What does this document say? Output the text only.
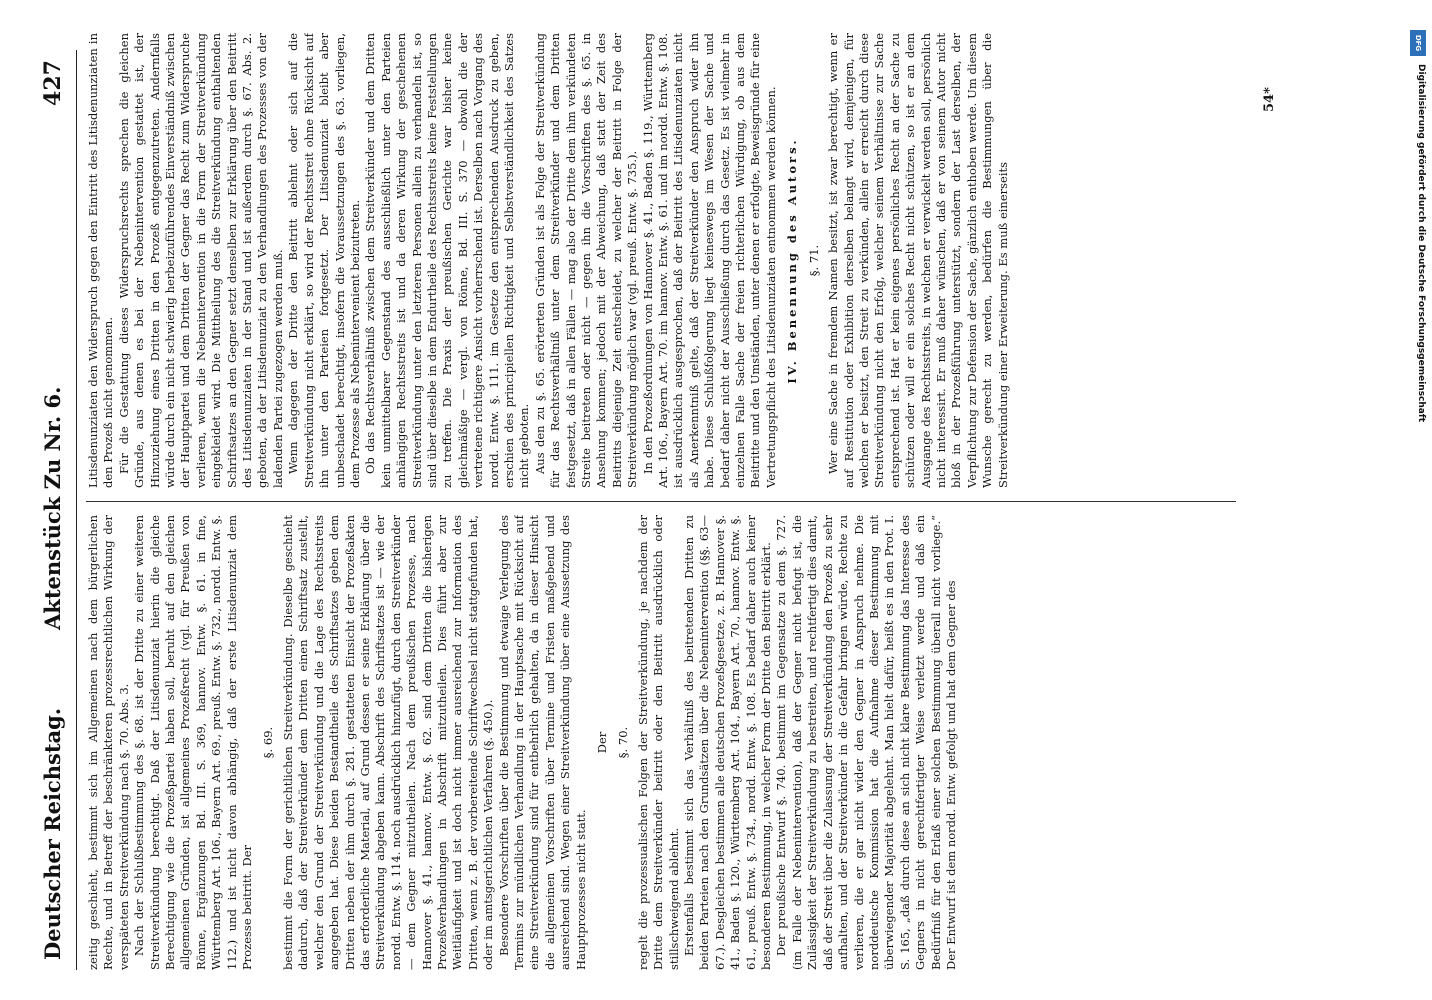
Deutscher Reichstag.
Aktenstück Zu Nr. 6.
427

zeitig geschieht, bestimmt sich im Allgemeinen nach dem bürgerlichen Rechte, und in Betreff der beschränkteren prozessrechtlichen Wirkung der verspäteten Streitverkündung nach §. 70. Abs. 3. Nach der Schlußbestimmung des §. 68. ist der Dritte zu einer weiteren Streitverkündung berechtigt. Daß der Litisdenunziat hierin die gleiche Berechtigung wie die Prozeßpartei haben soll, beruht auf den gleichen allgemeinen Gründen, ist allgemeines Prozeßrecht (vgl. für Preußen von Rönne, Ergänzungen Bd. III. S. 369, hannov. Entw. §. 61. in fine, Württemberg Art. 106., Bayern Art. 69., preuß. Entw. §. 732., nordd. Entw. §. 112.) und ist nicht davon abhängig, daß der erste Litisdenunziat dem Prozesse beitritt. Der

§. 69. bestimmt die Form der gerichtlichen Streitverkündung. Dieselbe geschieht dadurch, daß der Streitverkünder dem Dritten einen Schriftsatz zustellt, welcher den Grund der Streitverkündung und die Lage des Rechtsstreits angegeben hat. Diese beiden Bestandtheile des Schriftsatzes geben dem Dritten neben der ihm durch §. 281. gestatteten Einsicht der Prozeßakten das erforderliche Material, auf Grund dessen er seine Erklärung über die Streitverkündung abgeben kann. Abschrift des Schriftsatzes ist — wie der nordd. Entw. §. 114. noch ausdrücklich hinzufügt, durch den Streitverkünder — dem Gegner mitzutheilen. Nach dem preußischen Prozesse, nach Hannover §. 41., hannov. Entw. §. 62. sind dem Dritten die bisherigen Prozeßverhandlungen in Abschrift mitzutheilen. Dies führt aber zur Weitläufigkeit und ist doch nicht immer ausreichend zur Information des Dritten, wenn z. B. der vorbereitende Schriftwechsel nicht stattgefunden hat, oder im amtsgerichtlichen Verfahren (§. 450.). Besondere Vorschriften über die Bestimmung und etwaige Verlegung des Termins zur mündlichen Verhandlung in der Hauptsache mit Rücksicht auf eine Streitverkündung sind für entbehrlich gehalten, da in dieser Hinsicht die allgemeinen Vorschriften über Termine und Fristen maßgebend und ausreichend sind. Wegen einer Streitverkündung über eine Aussetzung des Hauptprozesses nicht statt.

Der §. 70. regelt die prozessualischen Folgen der Streitverkündung, je nachdem der Dritte dem Streitverkünder beitritt oder den Beitritt ausdrücklich oder stillschweigend ablehnt. Erstenfalls bestimmt sich das Verhältniß des beitretenden Dritten zu beiden Parteien nach den Grundsätzen über die Nebenintervention (§§. 63—67.). Desgleichen bestimmen alle deutschen Prozeßgesetze, z. B. Hannover §. 41., Baden §. 120., Württemberg Art. 104., Bayern Art. 70., hannov. Entw. §. 61., preuß. Entw. §. 734., nordd. Entw. §. 108. Es bedarf daher auch keiner besonderen Bestimmung, in welcher Form der Dritte den Beitritt erklärt. Der preußische Entwurf §. 740. bestimmt im Gegensatze zu dem §. 727. (im Falle der Nebenintervention), daß der Gegner nicht befugt ist, die Zulässigkeit der Streitverkündung zu bestreiten, und rechtfertigt dies damit, daß der Streit über die Zulassung der Streitverkündung den Prozeß zu sehr aufhalten, und der Streitverkünder in die Gefahr bringen würde, Rechte zu verlieren, die er gar nicht wider den Gegner in Anspruch nehme. Die norddeutsche Kommission hat die Aufnahme dieser Bestimmung mit überwiegender Majorität abgelehnt. Man hielt dafür, heißt es in den Prot. I. S. 165, „daß durch diese an sich nicht klare Bestimmung das Interesse des Gegners in nicht gerechtfertigter Weise verletzt werde und daß ein Bedürfniß für den Erlaß einer solchen Bestimmung überall nicht vorliege.“ Der Entwurf ist dem nordd. Entw. gefolgt und hat dem Gegner des

Litisdenunziaten den Widerspruch gegen den Eintritt des Litisdenunziaten in den Prozeß nicht genommen. Für die Gestattung dieses Widerspruchsrechts sprechen die gleichen Gründe, aus denen es bei der Nebenintervention gestattet ist, der Hinzuziehung eines Dritten in den Prozeß entgegenzutreten. Andernfalls würde durch ein nicht schwierig herbeizuführendes Einverständniß zwischen der Hauptpartei und dem Dritten der Gegner das Recht zum Widerspruche verlieren, wenn die Nebenintervention in die Form der Streitverkündung eingekleidet wird. Die Mittheilung des die Streitverkündung enthaltenden Schriftsatzes an den Gegner setzt denselben zur Erklärung über den Beitritt des Litisdenunziaten in der Stand und ist außerdem durch §. 67. Abs. 2. geboten, da der Litisdenunziat zu den Verhandlungen des Prozesses von der ladenden Partei zugezogen werden muß. Wenn dagegen der Dritte den Beitritt ablehnt oder sich auf die Streitverkündung nicht erklärt, so wird der Rechtsstreit ohne Rücksicht auf ihn unter den Parteien fortgesetzt. Der Litisdenunziat bleibt aber unbeschadet berechtigt, insofern die Voraussetzungen des §. 63. vorliegen, dem Prozesse als Nebenintervenient beizutreten. Ob das Rechtsverhältniß zwischen dem Streitverkünder und dem Dritten kein unmittelbarer Gegenstand des ausschließlich unter den Parteien anhängigen Rechtsstreits ist und da deren Wirkung der geschehenen Streitverkündung unter den letzteren Personen allein zu verhandeln ist, so sind über dieselbe in dem Endurtheile des Rechtsstreits keine Feststellungen zu treffen. Die Praxis der preußischen Gerichte war bisher keine gleichmäßige — vergl. von Rönne, Bd. III. S. 370 — obwohl die der vertretene richtigere Ansicht vorherrschend ist. Derselben nach Vorgang des nordd. Entw. §. 111. im Gesetze den entsprechenden Ausdruck zu geben, erschien des principiellen Richtigkeit und Selbstverständlichkeit des Satzes nicht geboten. Aus den zu §. 65. erörterten Gründen ist als Folge der Streitverkündung für das Rechtsverhältniß unter dem Streitverkünder und dem Dritten festgesetzt, daß in allen Fällen — mag also der Dritte dem ihm verkündeten Streite beitreten oder nicht — gegen ihn die Vorschriften des §. 65. in Ansehung kommen; jedoch mit der Abweichung, daß statt der Zeit des Beitritts diejenige Zeit entscheidet, zu welcher der Beitritt in Folge der Streitverkündung möglich war (vgl. preuß. Entw. §. 735.). In den Prozeßordnungen von Hannover §. 41., Baden §. 119., Württemberg Art. 106., Bayern Art. 70. im hannov. Entw. §. 61. und im nordd. Entw. §. 108. ist ausdrücklich ausgesprochen, daß der Beitritt des Litisdenunziaten nicht als Anerkenntniß gelte, daß der Streitverkünder den Anspruch wider ihn habe. Diese Schlußfolgerung liegt keineswegs im Wesen der Sache und bedarf daher nicht der Ausschließung durch das Gesetz. Es ist vielmehr in einzelnen Falle Sache der freien richterlichen Würdigung, ob aus dem Beitritte und den Umständen, unter denen er erfolgte, Beweisgründe für eine Vertretungspflicht des Litisdenunziaten entnommen werden können. IV. Benennung des Autors. §. 71. Wer eine Sache in fremdem Namen besitzt, ist zwar berechtigt, wenn er auf Restitution oder Exhibition derselben belangt wird, demjenigen, für welchen er besitzt, den Streit zu verkünden, allein er erreicht durch diese Streitverkündung nicht den Erfolg, welcher seinem Verhältnisse zur Sache entsprechend ist. Hat er kein eigenes persönliches Recht an der Sache zu schützen oder will er ein solches Recht nicht schützen, so ist er an dem Ausgange des Rechtsstreits, in welchen er verwickelt werden soll, persönlich nicht interessirt. Er muß daher wünschen, daß er von seinem Autor nicht bloß in der Prozeßführung unterstützt, sondern der Last derselben, der Verpflichtung zur Defension der Sache, gänzlich enthoben werde. Um diesem Wunsche gerecht zu werden, bedürfen die Bestimmungen über die Streitverkündung einer Erweiterung. Es muß einerseits

54*
DFG
Digitalisierung gefördert durch die Deutsche Forschungsgemeinschaft
